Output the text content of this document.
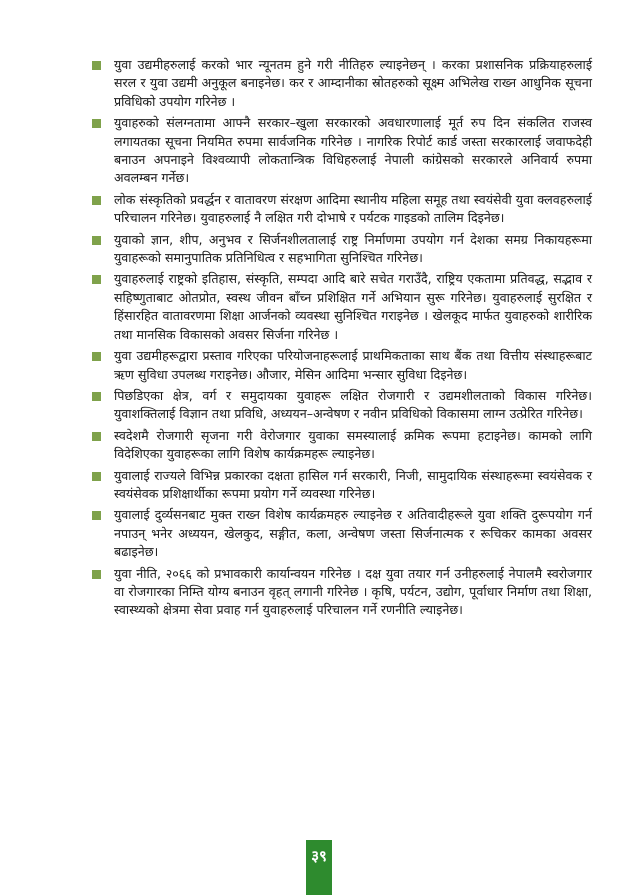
युवा उद्यमीहरुलाई करको भार न्यूनतम हुने गरी नीतिहरु ल्याइनेछन् । करका प्रशासनिक प्रक्रियाहरुलाई सरल र युवा उद्यमी अनुकूल बनाइनेछ। कर र आम्दानीका स्रोतहरुको सूक्ष्म अभिलेख राख्न आधुनिक सूचना प्रविधिको उपयोग गरिनेछ ।
युवाहरुको संलग्नतामा आफ्नै सरकार–खुला सरकारको अवधारणालाई मूर्त रुप दिन संकलित राजस्व लगायतका सूचना नियमित रुपमा सार्वजनिक गरिनेछ । नागरिक रिपोर्ट कार्ड जस्ता सरकारलाई जवाफदेही बनाउन अपनाइने विश्वव्यापी लोकतान्त्रिक विधिहरुलाई नेपाली कांग्रेसको सरकारले अनिवार्य रुपमा अवलम्बन गर्नेछ।
लोक संस्कृतिको प्रवर्द्धन र वातावरण संरक्षण आदिमा स्थानीय महिला समूह तथा स्वयंसेवी युवा क्लवहरुलाई परिचालन गरिनेछ। युवाहरुलाई नै लक्षित गरी दोभाषे र पर्यटक गाइडको तालिम दिइनेछ।
युवाको ज्ञान, शीप, अनुभव र सिर्जनशीलतालाई राष्ट्र निर्माणमा उपयोग गर्न देशका समग्र निकायहरूमा युवाहरूको समानुपातिक प्रतिनिधित्व र सहभागिता सुनिश्चित गरिनेछ।
युवाहरुलाई राष्ट्रको इतिहास, संस्कृति, सम्पदा आदि बारे सचेत गराउँदै, राष्ट्रिय एकतामा प्रतिवद्ध, सद्भाव र सहिष्णुताबाट ओतप्रोत, स्वस्थ जीवन बाँच्न प्रशिक्षित गर्ने अभियान सुरू गरिनेछ। युवाहरुलाई सुरक्षित र हिंसारहित वातावरणमा शिक्षा आर्जनको व्यवस्था सुनिश्चित गराइनेछ । खेलकूद मार्फत युवाहरुको शारीरिक तथा मानसिक विकासको अवसर सिर्जना गरिनेछ ।
युवा उद्यमीहरूद्वारा प्रस्ताव गरिएका परियोजनाहरूलाई प्राथमिकताका साथ बैंक तथा वित्तीय संस्थाहरूबाट ऋण सुविधा उपलब्ध गराइनेछ। औजार, मेसिन आदिमा भन्सार सुविधा दिइनेछ।
पिछडिएका क्षेत्र, वर्ग र समुदायका युवाहरू लक्षित रोजगारी र उद्यमशीलताको विकास गरिनेछ। युवाशक्तिलाई विज्ञान तथा प्रविधि, अध्ययन–अन्वेषण र नवीन प्रविधिको विकासमा लाग्न उत्प्रेरित गरिनेछ।
स्वदेशमै रोजगारी सृजना गरी वेरोजगार युवाका समस्यालाई क्रमिक रूपमा हटाइनेछ। कामको लागि विदेशिएका युवाहरूका लागि विशेष कार्यक्रमहरू ल्याइनेछ।
युवालाई राज्यले विभिन्न प्रकारका दक्षता हासिल गर्न सरकारी, निजी, सामुदायिक संस्थाहरूमा स्वयंसेवक र स्वयंसेवक प्रशिक्षार्थीका रूपमा प्रयोग गर्ने व्यवस्था गरिनेछ।
युवालाई दुर्व्यसनबाट मुक्त राख्न विशेष कार्यक्रमहरु ल्याइनेछ र अतिवादीहरूले युवा शक्ति दुरूपयोग गर्न नपाउन् भनेर अध्ययन, खेलकुद, सङ्गीत, कला, अन्वेषण जस्ता सिर्जनात्मक र रूचिकर कामका अवसर बढाइनेछ।
युवा नीति, २०६६ को प्रभावकारी कार्यान्वयन गरिनेछ । दक्ष युवा तयार गर्न उनीहरुलाई नेपालमै स्वरोजगार वा रोजगारका निम्ति योग्य बनाउन वृहत् लगानी गरिनेछ । कृषि, पर्यटन, उद्योग, पूर्वाधार निर्माण तथा शिक्षा, स्वास्थ्यको क्षेत्रमा सेवा प्रवाह गर्न युवाहरुलाई परिचालन गर्ने रणनीति ल्याइनेछ।
३९
